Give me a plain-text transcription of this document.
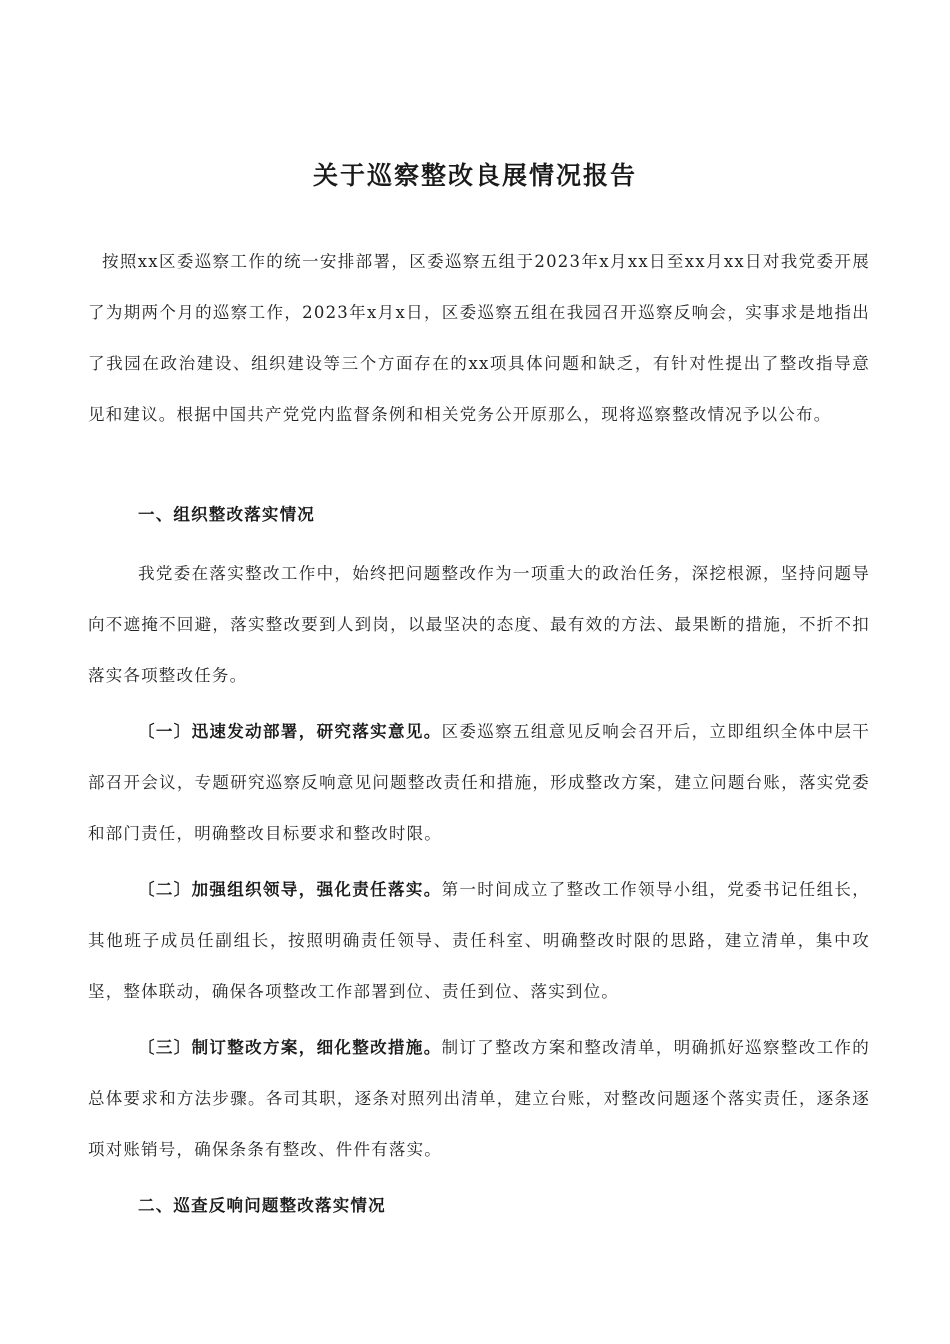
关于巡察整改良展情况报告
按照xx区委巡察工作的统一安排部署，区委巡察五组于2023年x月xx日至xx月xx日对我党委开展了为期两个月的巡察工作，2023年x月x日，区委巡察五组在我园召开巡察反响会，实事求是地指出了我园在政治建设、组织建设等三个方面存在的xx项具体问题和缺乏，有针对性提出了整改指导意见和建议。根据中国共产党党内监督条例和相关党务公开原那么，现将巡察整改情况予以公布。
一、组织整改落实情况
我党委在落实整改工作中，始终把问题整改作为一项重大的政治任务，深挖根源，坚持问题导向不遮掩不回避，落实整改要到人到岗，以最坚决的态度、最有效的方法、最果断的措施，不折不扣落实各项整改任务。
〔一〕迅速发动部署，研究落实意见。区委巡察五组意见反响会召开后，立即组织全体中层干部召开会议，专题研究巡察反响意见问题整改责任和措施，形成整改方案，建立问题台账，落实党委和部门责任，明确整改目标要求和整改时限。
〔二〕加强组织领导，强化责任落实。第一时间成立了整改工作领导小组，党委书记任组长，其他班子成员任副组长，按照明确责任领导、责任科室、明确整改时限的思路，建立清单，集中攻坚，整体联动，确保各项整改工作部署到位、责任到位、落实到位。
〔三〕制订整改方案，细化整改措施。制订了整改方案和整改清单，明确抓好巡察整改工作的总体要求和方法步骤。各司其职，逐条对照列出清单，建立台账，对整改问题逐个落实责任，逐条逐项对账销号，确保条条有整改、件件有落实。
二、巡查反响问题整改落实情况
